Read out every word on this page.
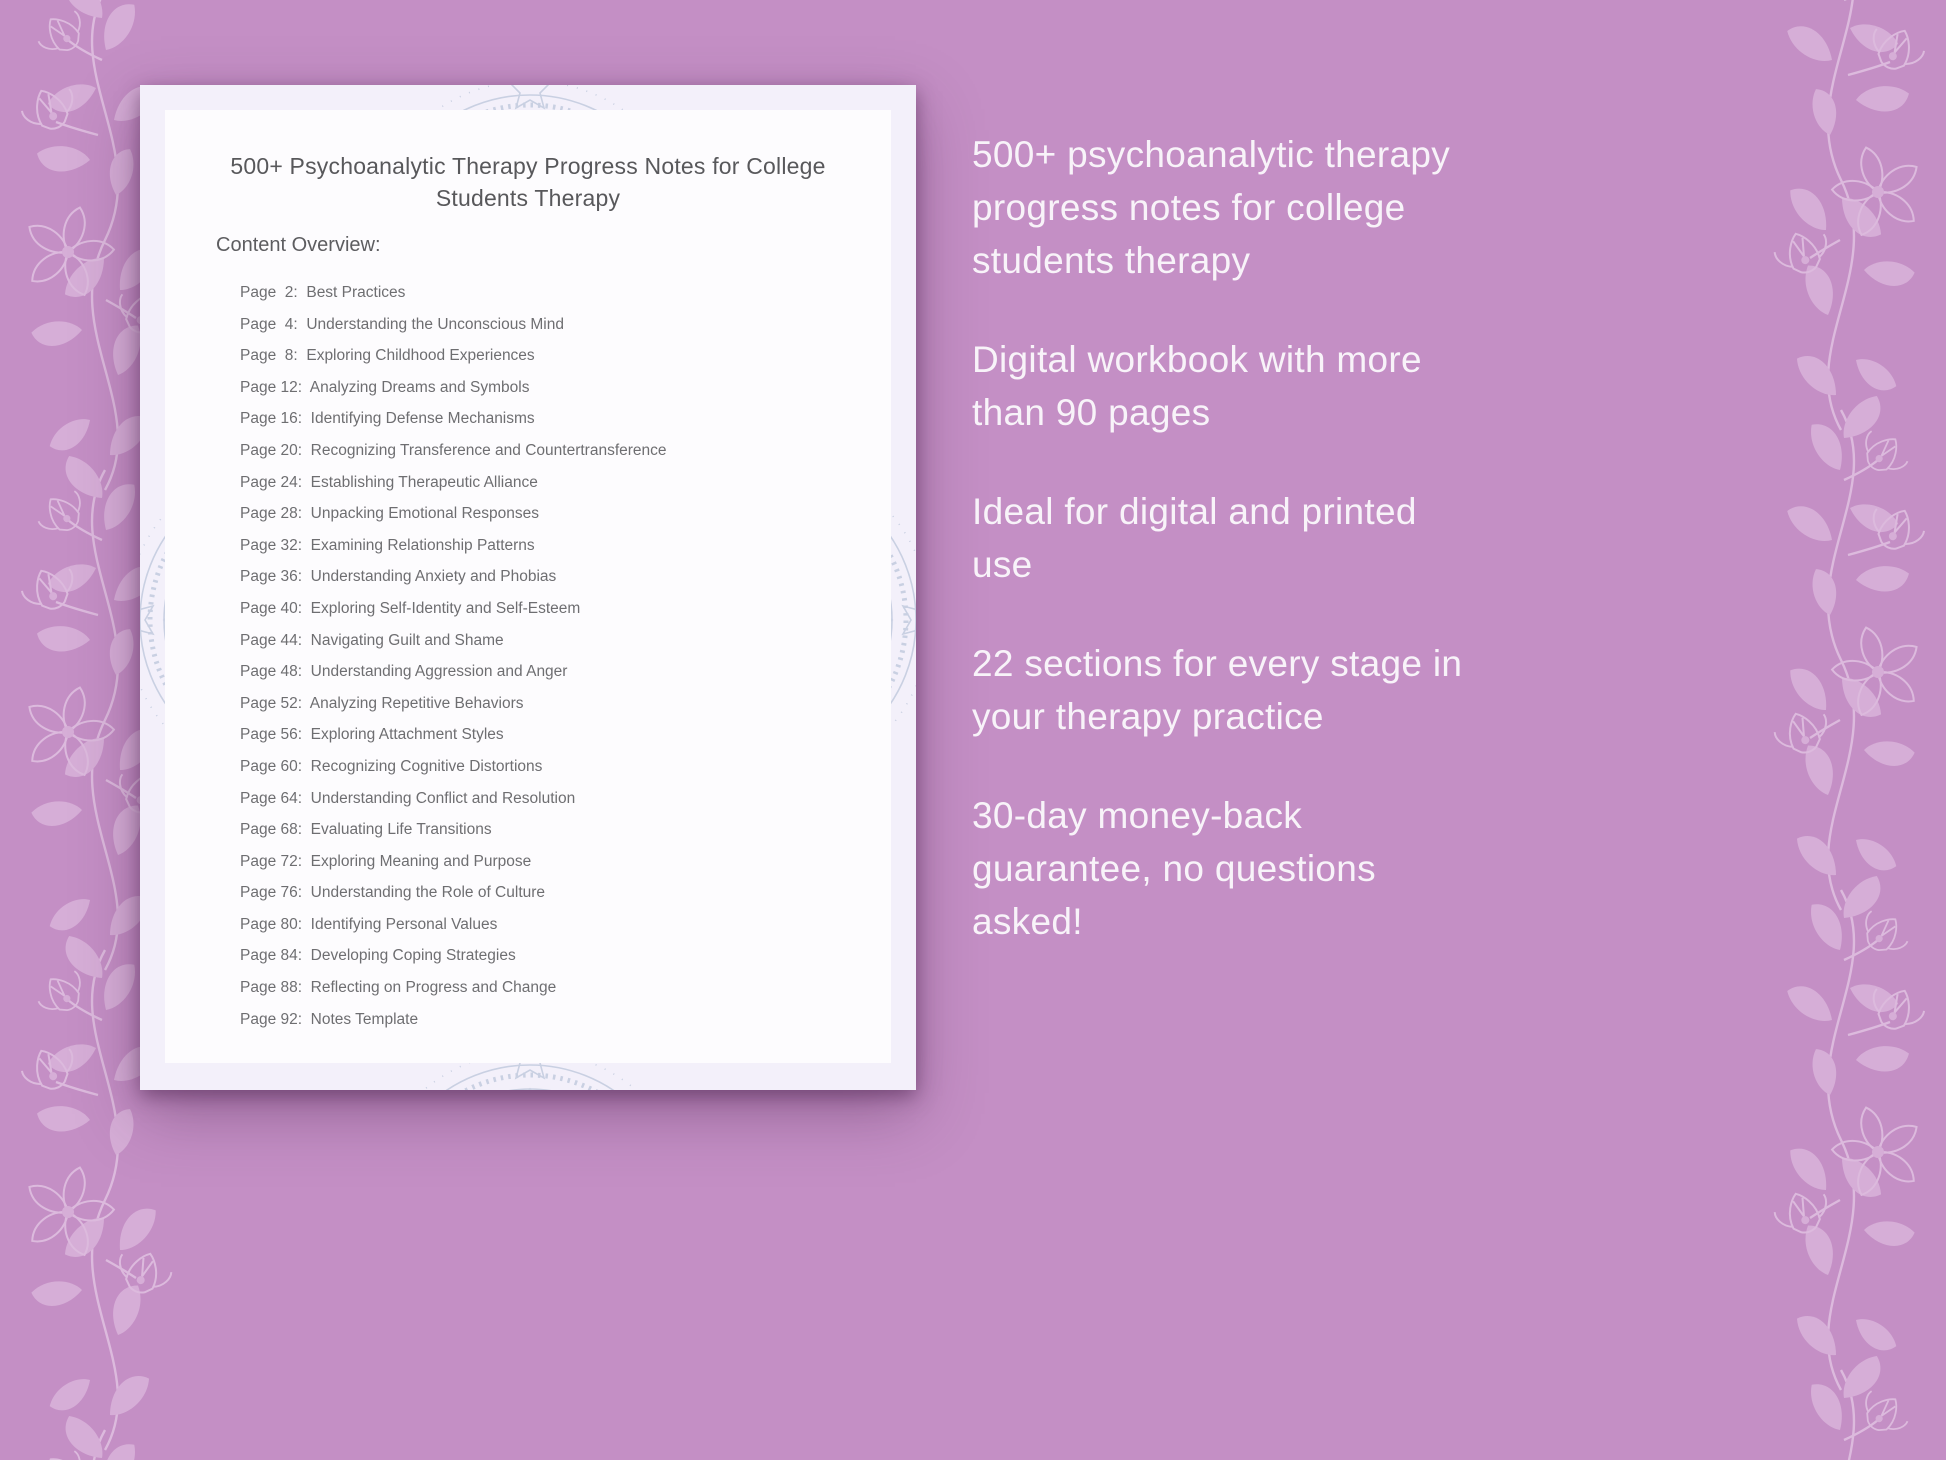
500+ Psychoanalytic Therapy Progress Notes for College Students Therapy
Content Overview:
Page  2:  Best Practices
Page  4:  Understanding the Unconscious Mind
Page  8:  Exploring Childhood Experiences
Page 12:  Analyzing Dreams and Symbols
Page 16:  Identifying Defense Mechanisms
Page 20:  Recognizing Transference and Countertransference
Page 24:  Establishing Therapeutic Alliance
Page 28:  Unpacking Emotional Responses
Page 32:  Examining Relationship Patterns
Page 36:  Understanding Anxiety and Phobias
Page 40:  Exploring Self-Identity and Self-Esteem
Page 44:  Navigating Guilt and Shame
Page 48:  Understanding Aggression and Anger
Page 52:  Analyzing Repetitive Behaviors
Page 56:  Exploring Attachment Styles
Page 60:  Recognizing Cognitive Distortions
Page 64:  Understanding Conflict and Resolution
Page 68:  Evaluating Life Transitions
Page 72:  Exploring Meaning and Purpose
Page 76:  Understanding the Role of Culture
Page 80:  Identifying Personal Values
Page 84:  Developing Coping Strategies
Page 88:  Reflecting on Progress and Change
Page 92:  Notes Template

500+ psychoanalytic therapy progress notes for college students therapy

Digital workbook with more than 90 pages

Ideal for digital and printed use

22 sections for every stage in your therapy practice

30-day money-back guarantee, no questions asked!
